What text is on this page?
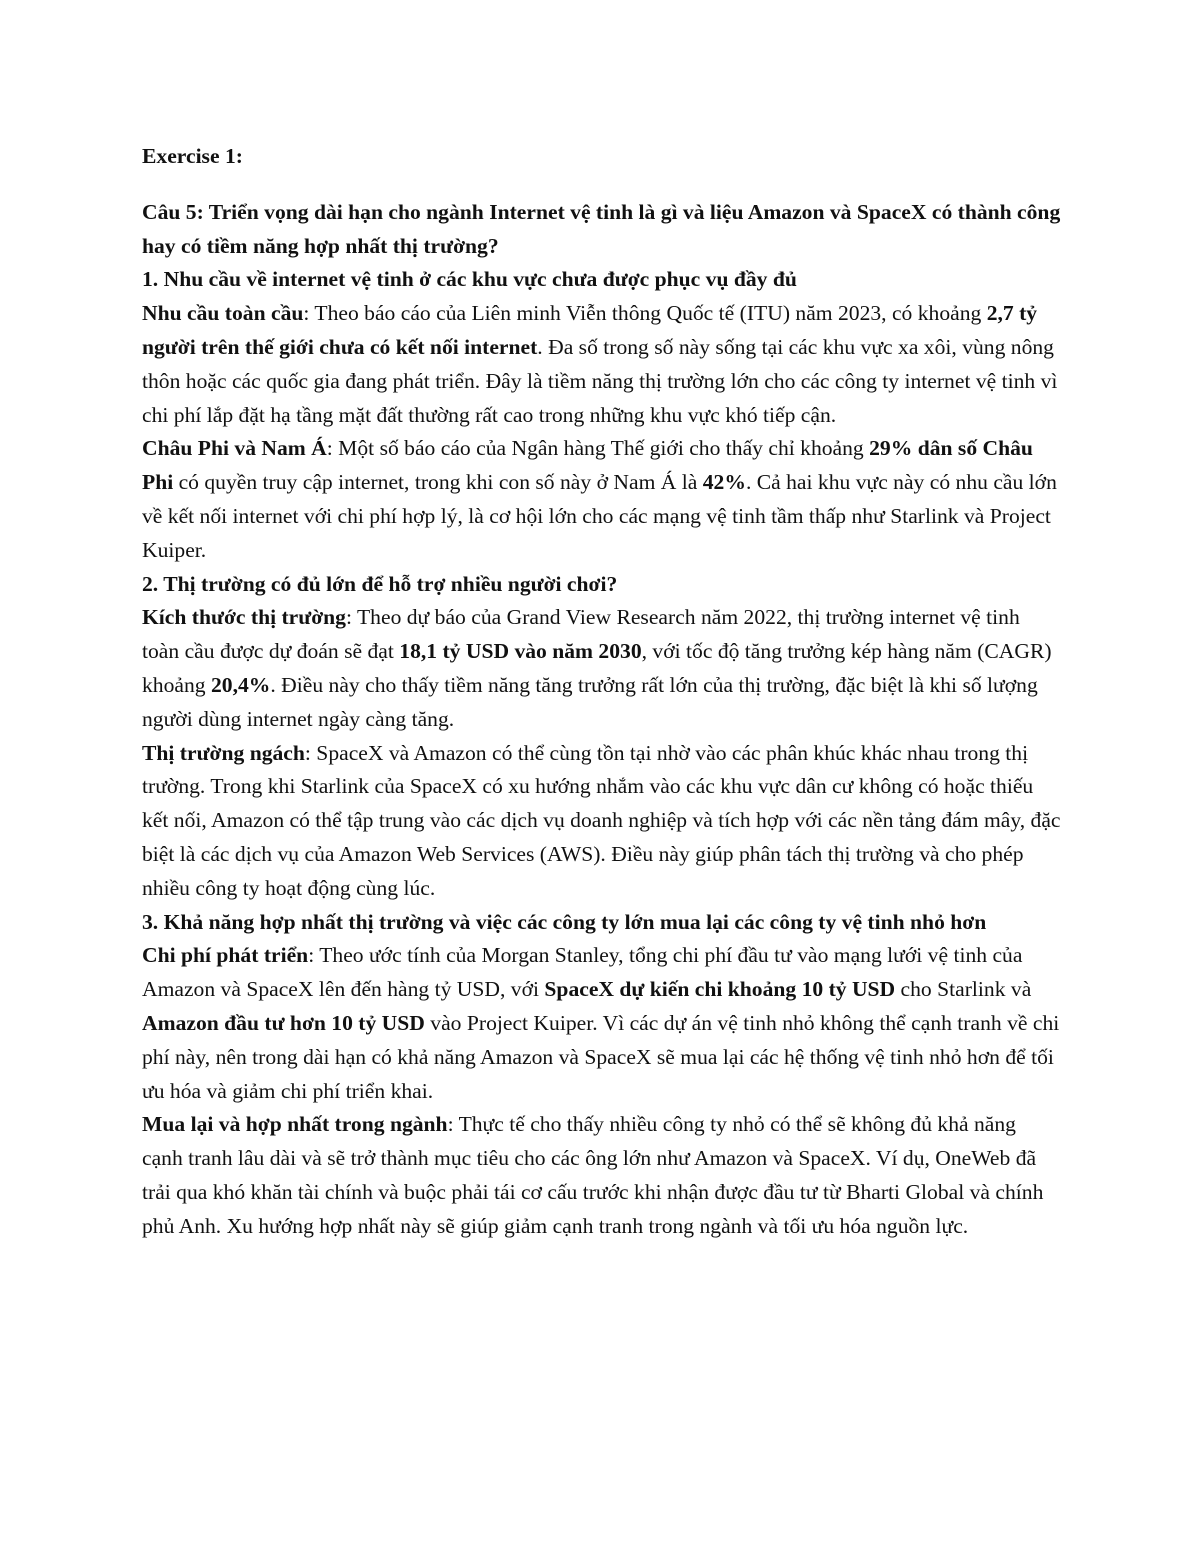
Exercise 1:

Câu 5: Triển vọng dài hạn cho ngành Internet vệ tinh là gì và liệu Amazon và SpaceX có thành công hay có tiềm năng hợp nhất thị trường?

1. Nhu cầu về internet vệ tinh ở các khu vực chưa được phục vụ đầy đủ

Nhu cầu toàn cầu: Theo báo cáo của Liên minh Viễn thông Quốc tế (ITU) năm 2023, có khoảng 2,7 tỷ người trên thế giới chưa có kết nối internet. Đa số trong số này sống tại các khu vực xa xôi, vùng nông thôn hoặc các quốc gia đang phát triển. Đây là tiềm năng thị trường lớn cho các công ty internet vệ tinh vì chi phí lắp đặt hạ tầng mặt đất thường rất cao trong những khu vực khó tiếp cận.

Châu Phi và Nam Á: Một số báo cáo của Ngân hàng Thế giới cho thấy chỉ khoảng 29% dân số Châu Phi có quyền truy cập internet, trong khi con số này ở Nam Á là 42%. Cả hai khu vực này có nhu cầu lớn về kết nối internet với chi phí hợp lý, là cơ hội lớn cho các mạng vệ tinh tầm thấp như Starlink và Project Kuiper.

2. Thị trường có đủ lớn để hỗ trợ nhiều người chơi?

Kích thước thị trường: Theo dự báo của Grand View Research năm 2022, thị trường internet vệ tinh toàn cầu được dự đoán sẽ đạt 18,1 tỷ USD vào năm 2030, với tốc độ tăng trưởng kép hàng năm (CAGR) khoảng 20,4%. Điều này cho thấy tiềm năng tăng trưởng rất lớn của thị trường, đặc biệt là khi số lượng người dùng internet ngày càng tăng.

Thị trường ngách: SpaceX và Amazon có thể cùng tồn tại nhờ vào các phân khúc khác nhau trong thị trường. Trong khi Starlink của SpaceX có xu hướng nhắm vào các khu vực dân cư không có hoặc thiếu kết nối, Amazon có thể tập trung vào các dịch vụ doanh nghiệp và tích hợp với các nền tảng đám mây, đặc biệt là các dịch vụ của Amazon Web Services (AWS). Điều này giúp phân tách thị trường và cho phép nhiều công ty hoạt động cùng lúc.

3. Khả năng hợp nhất thị trường và việc các công ty lớn mua lại các công ty vệ tinh nhỏ hơn

Chi phí phát triển: Theo ước tính của Morgan Stanley, tổng chi phí đầu tư vào mạng lưới vệ tinh của Amazon và SpaceX lên đến hàng tỷ USD, với SpaceX dự kiến chi khoảng 10 tỷ USD cho Starlink và Amazon đầu tư hơn 10 tỷ USD vào Project Kuiper. Vì các dự án vệ tinh nhỏ không thể cạnh tranh về chi phí này, nên trong dài hạn có khả năng Amazon và SpaceX sẽ mua lại các hệ thống vệ tinh nhỏ hơn để tối ưu hóa và giảm chi phí triển khai.

Mua lại và hợp nhất trong ngành: Thực tế cho thấy nhiều công ty nhỏ có thể sẽ không đủ khả năng cạnh tranh lâu dài và sẽ trở thành mục tiêu cho các ông lớn như Amazon và SpaceX. Ví dụ, OneWeb đã trải qua khó khăn tài chính và buộc phải tái cơ cấu trước khi nhận được đầu tư từ Bharti Global và chính phủ Anh. Xu hướng hợp nhất này sẽ giúp giảm cạnh tranh trong ngành và tối ưu hóa nguồn lực.
